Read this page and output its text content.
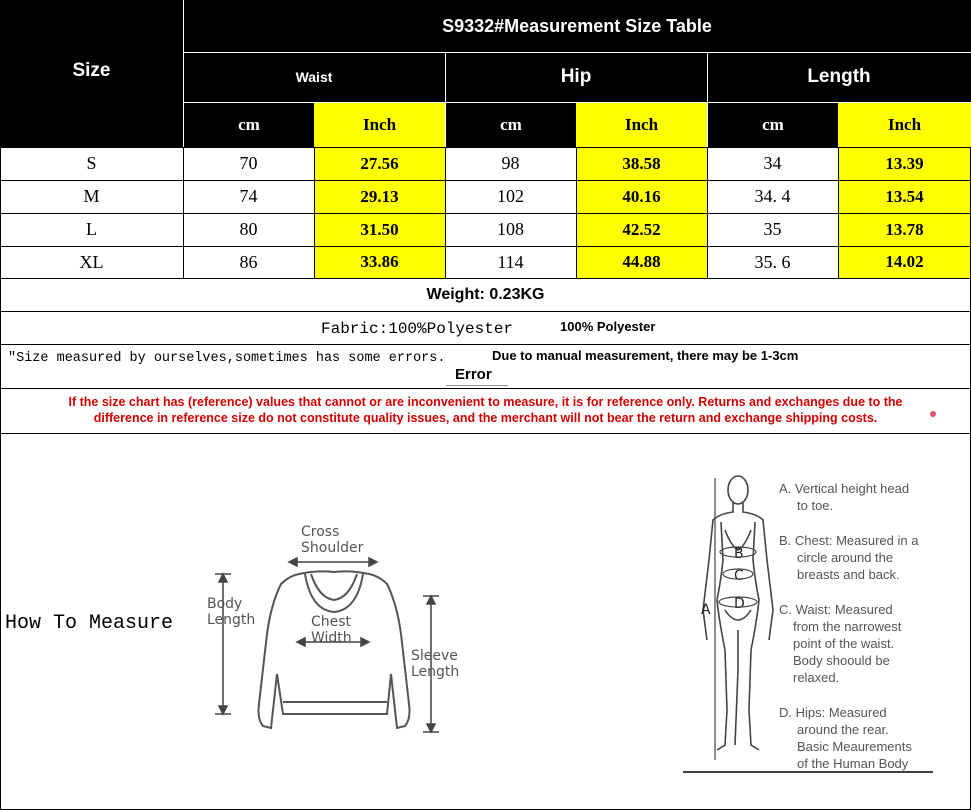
Size
S9332#Measurement Size Table
Waist	Hip	Length
cm	Inch	cm	Inch	cm	Inch
S	70	27.56	98	38.58	34	13.39
M	74	29.13	102	40.16	34. 4	13.54
L	80	31.50	108	42.52	35	13.78
XL	86	33.86	114	44.88	35. 6	14.02
Weight: 0.23KG
Fabric:100%Polyester	100% Polyester
"Size measured by ourselves,sometimes has some errors.	Due to manual measurement, there may be 1-3cm
Error
If the size chart has (reference) values that cannot or are inconvenient to measure, it is for reference only. Returns and exchanges due to the
difference in reference size do not constitute quality issues, and the merchant will not bear the return and exchange shipping costs.
How To Measure
Cross
Shoulder
Body
Length	Chest
Width
Sleeve
Length
A
B
C
D
A. Vertical height head
to toe.
B. Chest: Measured in a
circle around the
breasts and back.
C. Waist: Measured
from the narrowest
point of the waist.
Body shoould be
relaxed.
D. Hips: Measured
around the rear.
Basic Meaurements
of the Human Body
